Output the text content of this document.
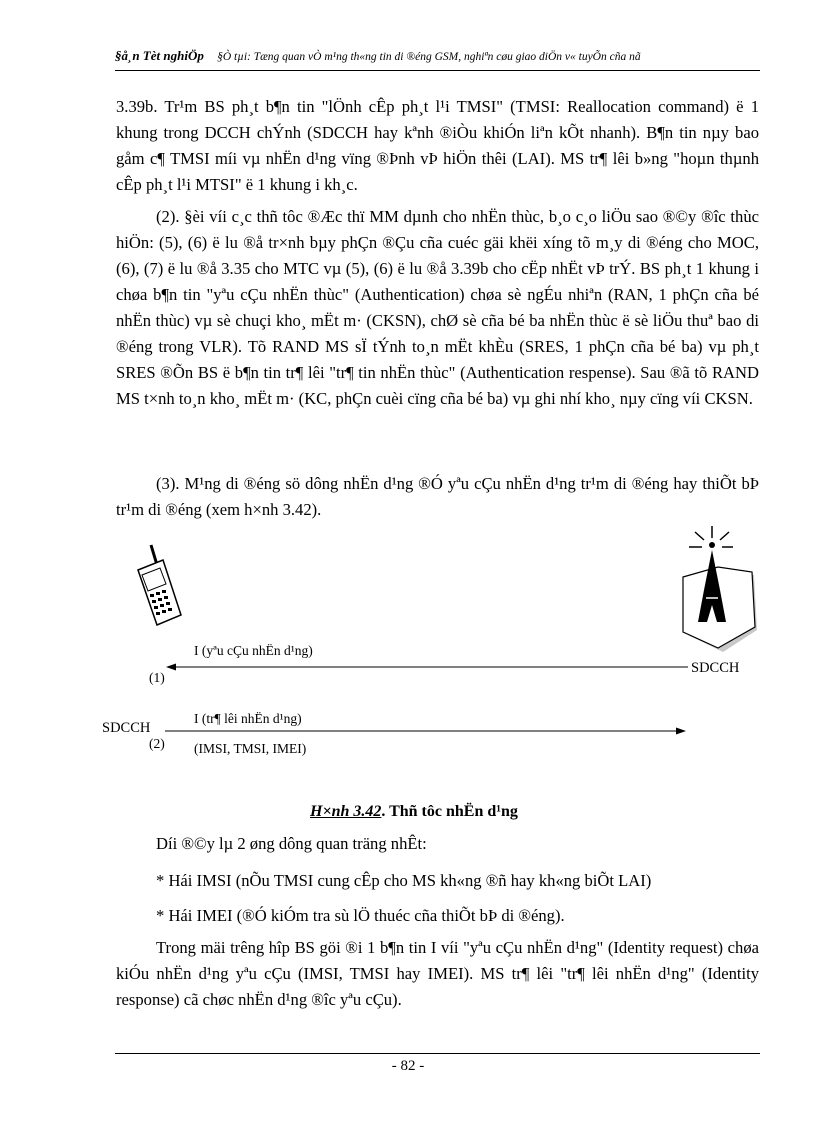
§å¸n Tèt nghiÖp §Ò tµi: Tæng quan vÒ m¹ng th«ng tin di ®éng GSM, nghiªn cøu giao diÖn v« tuyÕn cña nã
3.39b. Tr¹m BS ph¸t b¶n tin "lÖnh cÊp ph¸t l¹i TMSI" (TMSI: Reallocation command) ë 1 khung trong DCCH chÝnh (SDCCH hay kªnh ®iÒu khiÓn liªn kÕt nhanh). B¶n tin nµy bao gåm c¶ TMSI míi vµ nhËn d¹ng vïng ®Þnh vÞ hiÖn thêi (LAI). MS tr¶ lêi b»ng "hoµn thµnh cÊp ph¸t l¹i MTSI" ë 1 khung i kh¸c.
(2). §èi víi c¸c thñ tôc ®Æc thï MM dµnh cho nhËn thùc, b¸o c¸o liÖu sao ®©y ®îc thùc hiÖn: (5), (6) ë lu ®å tr×nh bµy phÇn ®Çu cña cuéc gäi khëi xíng tõ m¸y di ®éng cho MOC, (6), (7) ë lu ®å 3.35 cho MTC vµ (5), (6) ë lu ®å 3.39b cho cËp nhËt vÞ trÝ. BS ph¸t 1 khung i chøa b¶n tin "yªu cÇu nhËn thùc" (Authentication) chøa sè ngÉu nhiªn (RAN, 1 phÇn cña bé nhËn thùc) vµ sè chuçi kho¸ mËt m· (CKSN), chØ sè cña bé ba nhËn thùc ë sè liÖu thuª bao di ®éng trong VLR). Tõ RAND MS sÏ tÝnh to¸n mËt khÈu (SRES, 1 phÇn cña bé ba) vµ ph¸t SRES ®Õn BS ë b¶n tin tr¶ lêi "tr¶ tin nhËn thùc" (Authentication respense). Sau ®ã tõ RAND MS t×nh to¸n kho¸ mËt m· (KC, phÇn cuèi cïng cña bé ba) vµ ghi nhí kho¸ nµy cïng víi CKSN.
(3). M¹ng di ®éng sö dông nhËn d¹ng ®Ó yªu cÇu nhËn d¹ng tr¹m di ®éng hay thiÕt bÞ tr¹m di ®éng (xem h×nh 3.42).
I (yªu cÇu nhËn d¹ng)
SDCCH
(1)
SDCCH
I (tr¶ lêi nhËn d¹ng)
(2) (IMSI, TMSI, IMEI)
H×nh 3.42. Thñ tôc nhËn d¹ng
Díi ®©y lµ 2 øng dông quan träng nhÊt:
* Hái IMSI (nÕu TMSI cung cÊp cho MS kh«ng ®ñ hay kh«ng biÕt LAI)
* Hái IMEI (®Ó kiÓm tra sù lÖ thuéc cña thiÕt bÞ di ®éng).
Trong mäi trêng hîp BS göi ®i 1 b¶n tin I víi "yªu cÇu nhËn d¹ng" (Identity request) chøa kiÓu nhËn d¹ng yªu cÇu (IMSI, TMSI hay IMEI). MS tr¶ lêi "tr¶ lêi nhËn d¹ng" (Identity response) cã chøc nhËn d¹ng ®îc yªu cÇu).
- 82 -
